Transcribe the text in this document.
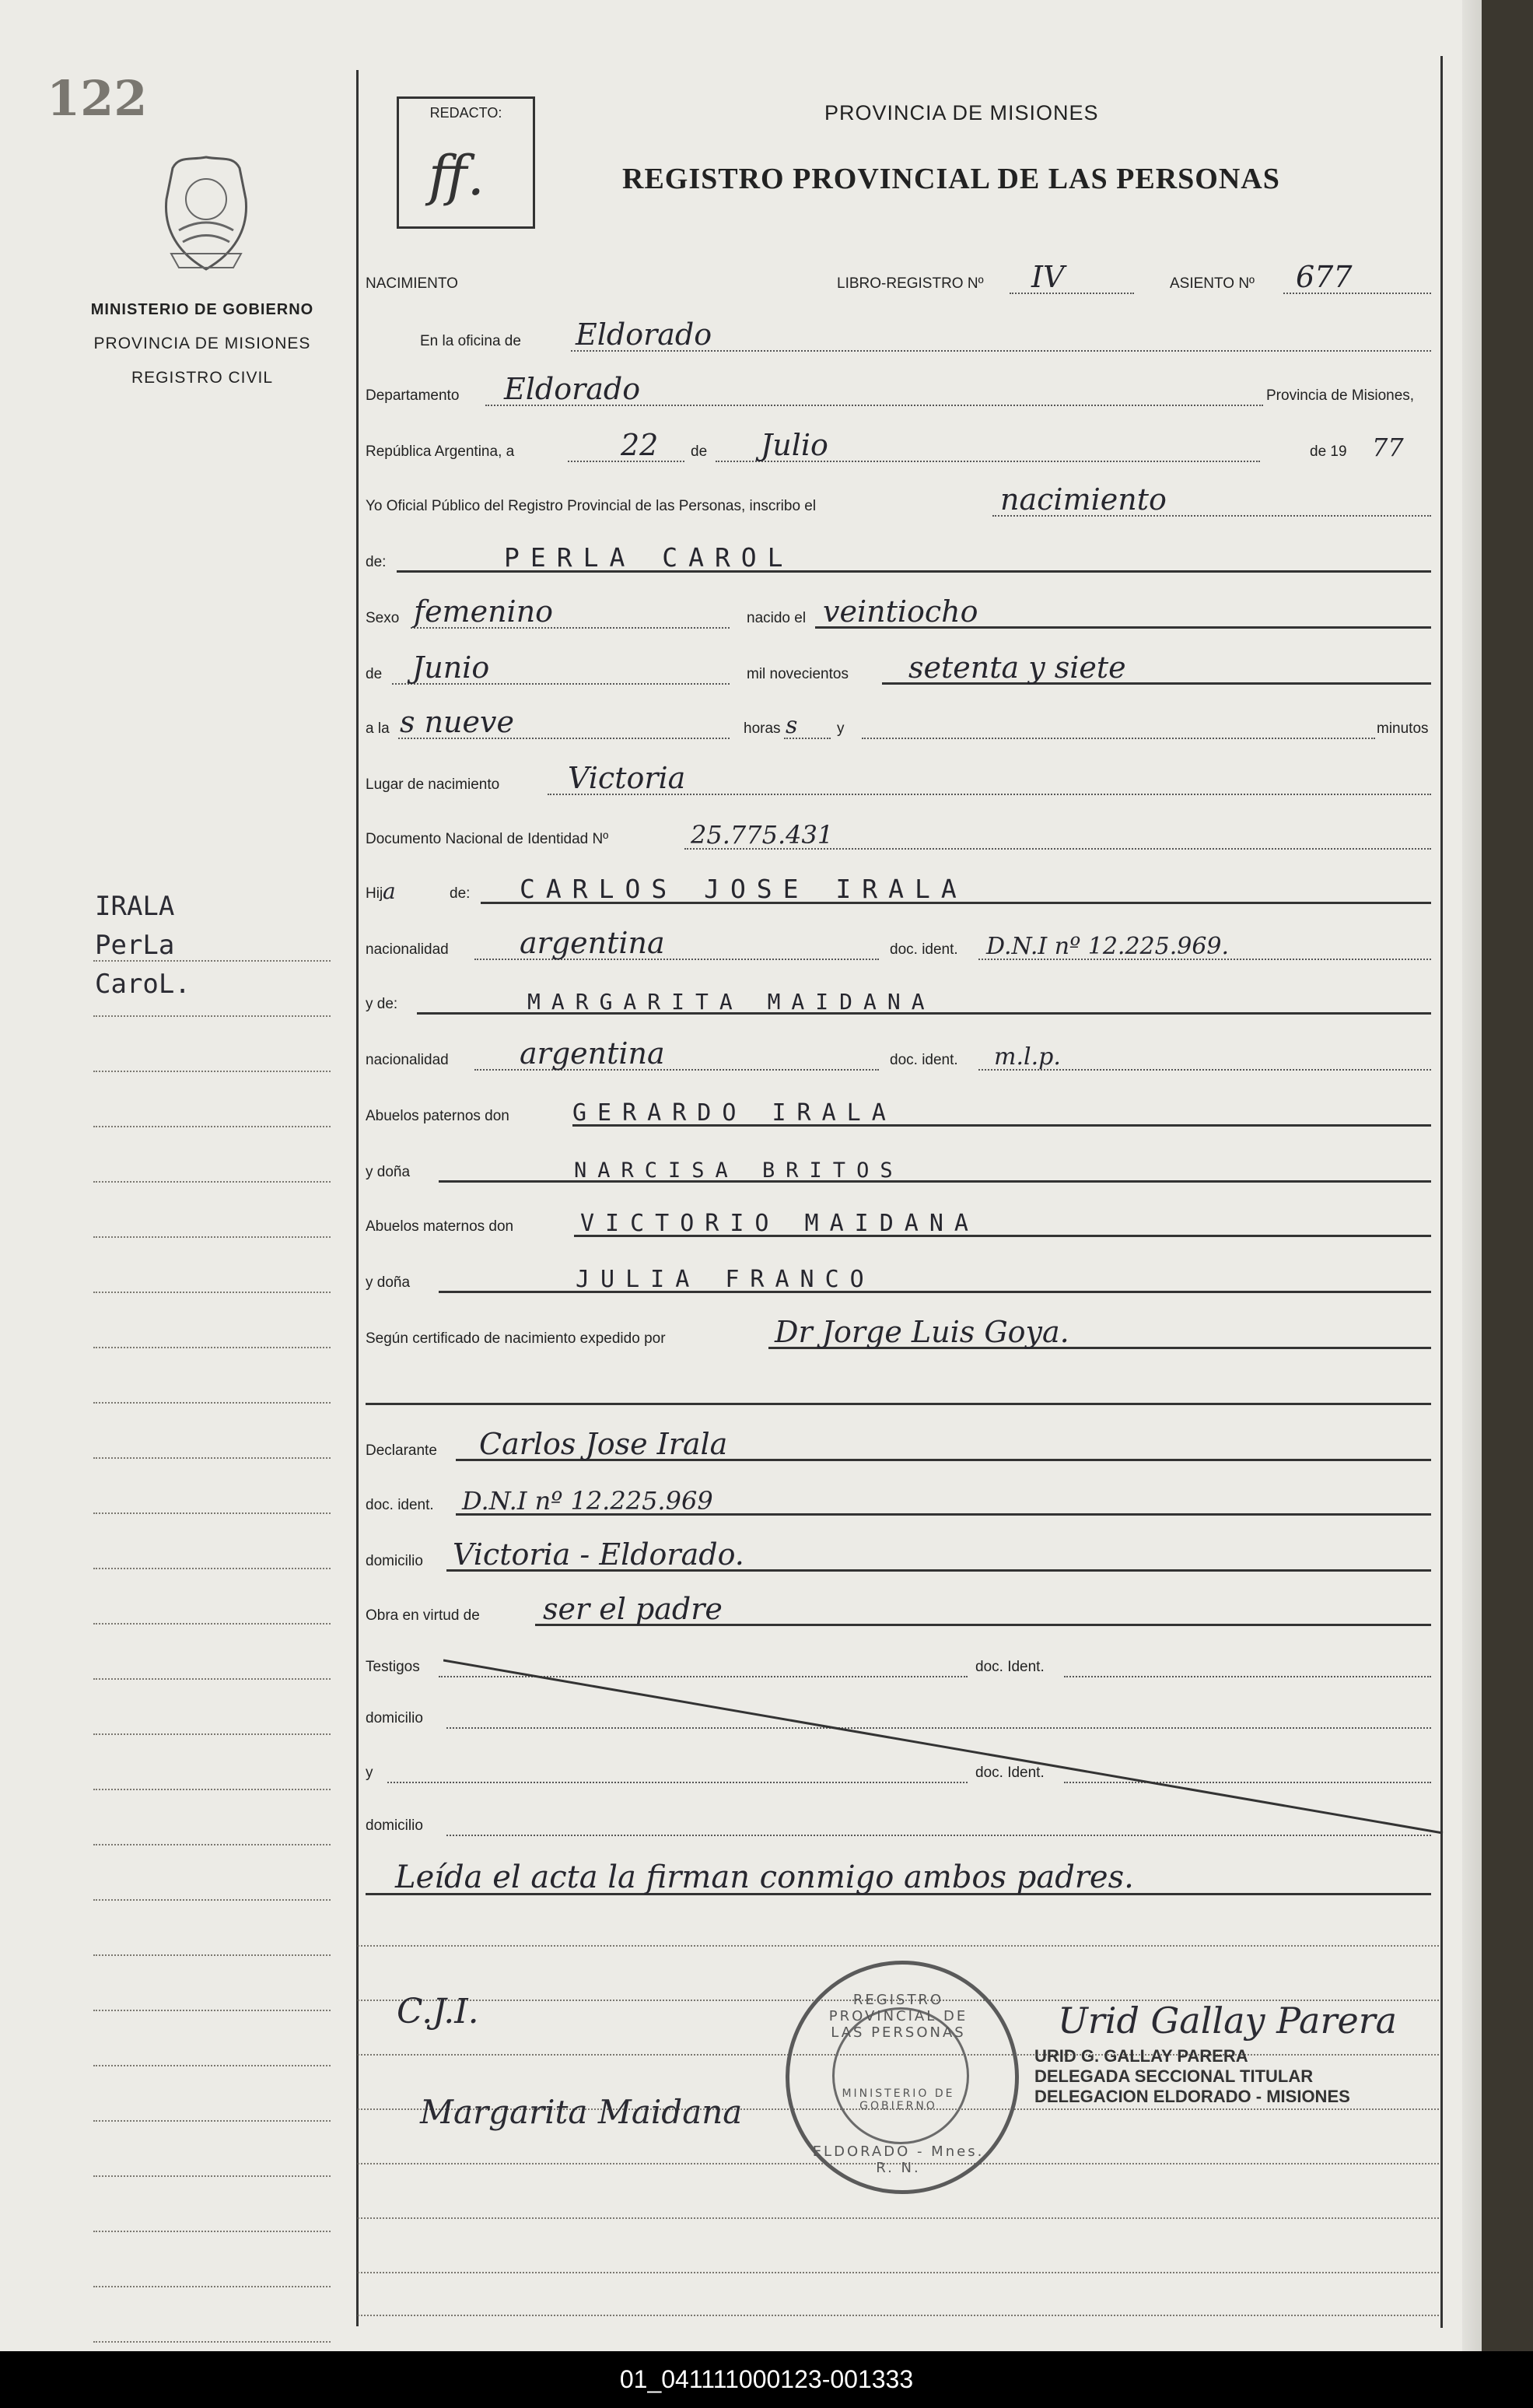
122	REDACTO:
ff.
PROVINCIA DE MISIONES
REGISTRO PROVINCIAL DE LAS PERSONAS
MINISTERIO DE GOBIERNO
PROVINCIA DE MISIONES
REGISTRO CIVIL
IRALA
PerLa
CaroL.
NACIMIENTO	LIBRO-REGISTRO Nº IV	ASIENTO Nº 677
En la oficina de Eldorado
Departamento Eldorado	Provincia de Misiones,
República Argentina, a	22 de Julio	de 19 77
Yo Oficial Público del Registro Provincial de las Personas, inscribo el	nacimiento
de:	PERLA CAROL
Sexo femenino	nacido el veintiocho
de Junio	mil novecientos setenta y siete
a la s nueve	horas s	y	minutos
Lugar de nacimiento Victoria
Documento Nacional de Identidad Nº	25.775.431
Hij a	de: CARLOS JOSE IRALA
nacionalidad argentina	doc. ident. D.N.I nº 12.225.969.
y de:	MARGARITA MAIDANA
nacionalidad argentina	doc. ident. m.l.p.
Abuelos paternos don	GERARDO IRALA
y doña	NARCISA BRITOS
Abuelos maternos don	VICTORIO MAIDANA
y doña	JULIA FRANCO
Según certificado de nacimiento expedido por	Dr Jorge Luis Goya.
Declarante Carlos Jose Irala
doc. ident. D.N.I nº 12.225.969
domicilio Victoria - Eldorado.
Obra en virtud de ser el padre
Testigos	doc. Ident.
domicilio
y	doc. Ident.
domicilio
Leída el acta la firman conmigo ambos padres.
C.J.I.
Margarita Maidana
Urid Gallay Parera
REGISTRO PROVINCIAL DE LAS PERSONAS
MINISTERIO DE GOBIERNO
ELDORADO - Mnes. R. N.
URID G. GALLAY PARERA
DELEGADA SECCIONAL TITULAR
DELEGACION ELDORADO - MISIONES
01_041111000123-001333
